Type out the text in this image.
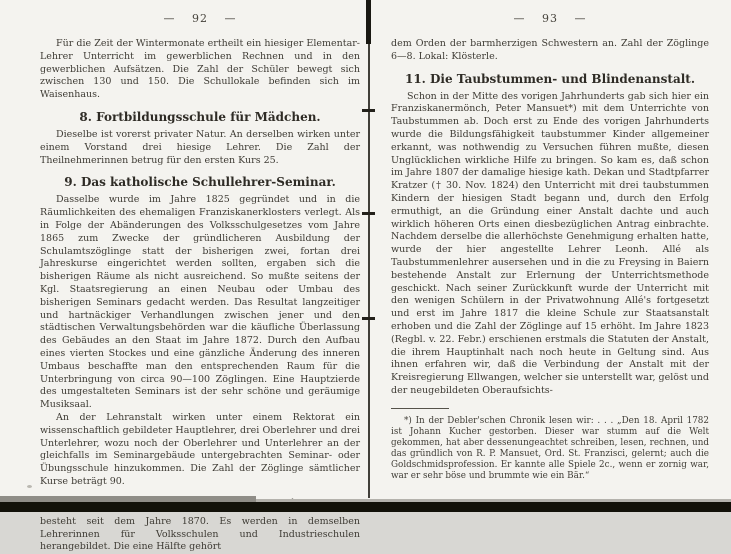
— 92 —

Für die Zeit der Wintermonate ertheilt ein hiesiger Elementar-Lehrer Unterricht im gewerblichen Rechnen und in den gewerblichen Aufsätzen. Die Zahl der Schüler bewegt sich zwischen 130 und 150. Die Schullokale befinden sich im Waisenhaus.

8. Fortbildungsschule für Mädchen.

Dieselbe ist vorerst privater Natur. An derselben wirken unter einem Vorstand drei hiesige Lehrer. Die Zahl der Theilnehmerinnen betrug für den ersten Kurs 25.

9. Das katholische Schullehrer-Seminar.

Dasselbe wurde im Jahre 1825 gegründet und in die Räumlichkeiten des ehemaligen Franziskanerklosters verlegt. Als in Folge der Abänderungen des Volksschulgesetzes vom Jahre 1865 zum Zwecke der gründlicheren Ausbildung der Schulamtszöglinge statt der bisherigen zwei, fortan drei Jahreskurse eingerichtet werden sollten, ergaben sich die bisherigen Räume als nicht ausreichend. So mußte seitens der Kgl. Staatsregierung an einen Neubau oder Umbau des bisherigen Seminars gedacht werden. Das Resultat langzeitiger und hartnäckiger Verhandlungen zwischen jener und den städtischen Verwaltungsbehörden war die käufliche Überlassung des Gebäudes an den Staat im Jahre 1872. Durch den Aufbau eines vierten Stockes und eine gänzliche Änderung des inneren Umbaus beschaffte man den entsprechenden Raum für die Unterbringung von circa 90—100 Zöglingen. Eine Hauptzierde des umgestalteten Seminars ist der sehr schöne und geräumige Musiksaal.

An der Lehranstalt wirken unter einem Rektorat ein wissenschaftlich gebildeter Hauptlehrer, drei Oberlehrer und drei Unterlehrer, wozu noch der Oberlehrer und Unterlehrer an der gleichfalls im Seminargebäude untergebrachten Seminar- oder Übungsschule hinzukommen. Die Zahl der Zöglinge sämtlicher Kurse beträgt 90.

besteht seit dem Jahre 1870. Es werden in demselben Lehrerinnen für Volksschulen und Industrieschulen herangebildet. Die eine Hälfte gehört

— 93 —

dem Orden der barmherzigen Schwestern an. Zahl der Zöglinge 6—8. Lokal: Klösterle.

11. Die Taubstummen- und Blindenanstalt.

Schon in der Mitte des vorigen Jahrhunderts gab sich hier ein Franziskanermönch, Peter Mansuet*) mit dem Unterrichte von Taubstummen ab. Doch erst zu Ende des vorigen Jahrhunderts wurde die Bildungsfähigkeit taubstummer Kinder allgemeiner erkannt, was nothwendig zu Versuchen führen mußte, diesen Unglücklichen wirkliche Hilfe zu bringen. So kam es, daß schon im Jahre 1807 der damalige hiesige kath. Dekan und Stadtpfarrer Kratzer († 30. Nov. 1824) den Unterricht mit drei taubstummen Kindern der hiesigen Stadt begann und, durch den Erfolg ermuthigt, an die Gründung einer Anstalt dachte und auch wirklich höheren Orts einen diesbezüglichen Antrag einbrachte. Nachdem derselbe die allerhöchste Genehmigung erhalten hatte, wurde der hier angestellte Lehrer Leonh. Allé als Taubstummenlehrer ausersehen und in die zu Freysing in Baiern bestehende Anstalt zur Erlernung der Unterrichtsmethode geschickt. Nach seiner Zurückkunft wurde der Unterricht mit den wenigen Schülern in der Privatwohnung Allé's fortgesetzt und erst im Jahre 1817 die kleine Schule zur Staatsanstalt erhoben und die Zahl der Zöglinge auf 15 erhöht. Im Jahre 1823 (Regbl. v. 22. Febr.) erschienen erstmals die Statuten der Anstalt, die ihrem Hauptinhalt nach noch heute in Geltung sind. Aus ihnen erfahren wir, daß die Verbindung der Anstalt mit der Kreisregierung Ellwangen, welcher sie unterstellt war, gelöst und der neugebildeten Oberaufsichts-

*) In der Debler'schen Chronik lesen wir: . . . „Den 18. April 1782 ist Johann Kucher gestorben. Dieser war stumm auf die Welt gekommen, hat aber dessenungeachtet schreiben, lesen, rechnen, und das gründlich von R. P. Mansuet, Ord. St. Franzisci, gelernt; auch die Goldschmidsprofession. Er kannte alle Spiele 2c., wenn er zornig war, war er sehr böse und brummte wie ein Bär.“
